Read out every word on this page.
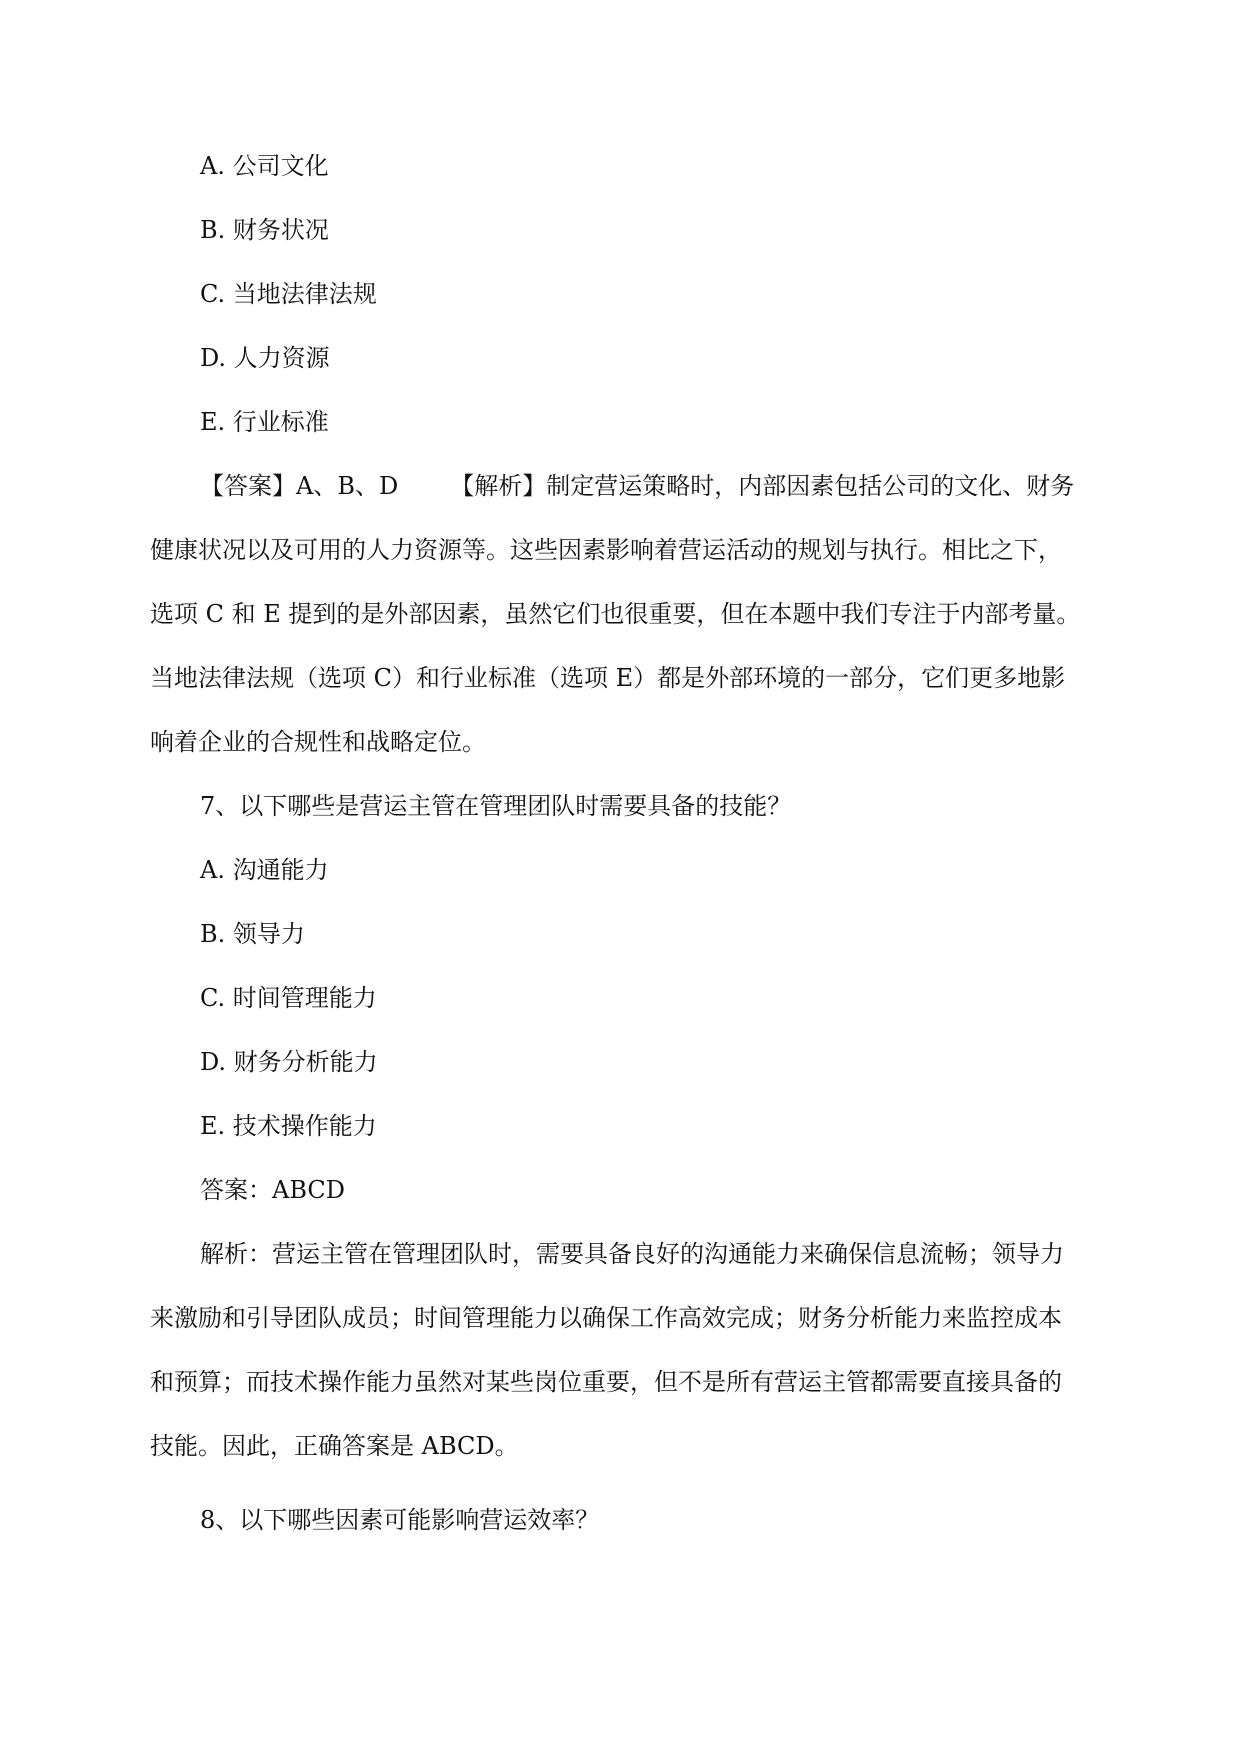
A. 公司文化
B. 财务状况
C. 当地法律法规
D. 人力资源
E. 行业标准
【答案】A、B、D 【解析】制定营运策略时，内部因素包括公司的文化、财务
健康状况以及可用的人力资源等。这些因素影响着营运活动的规划与执行。相比之下，
选项 C 和 E 提到的是外部因素，虽然它们也很重要，但在本题中我们专注于内部考量。
当地法律法规（选项 C）和行业标准（选项 E）都是外部环境的一部分，它们更多地影
响着企业的合规性和战略定位。
7、以下哪些是营运主管在管理团队时需要具备的技能？
A. 沟通能力
B. 领导力
C. 时间管理能力
D. 财务分析能力
E. 技术操作能力
答案：ABCD
解析：营运主管在管理团队时，需要具备良好的沟通能力来确保信息流畅；领导力
来激励和引导团队成员；时间管理能力以确保工作高效完成；财务分析能力来监控成本
和预算；而技术操作能力虽然对某些岗位重要，但不是所有营运主管都需要直接具备的
技能。因此，正确答案是 ABCD。
8、以下哪些因素可能影响营运效率？
